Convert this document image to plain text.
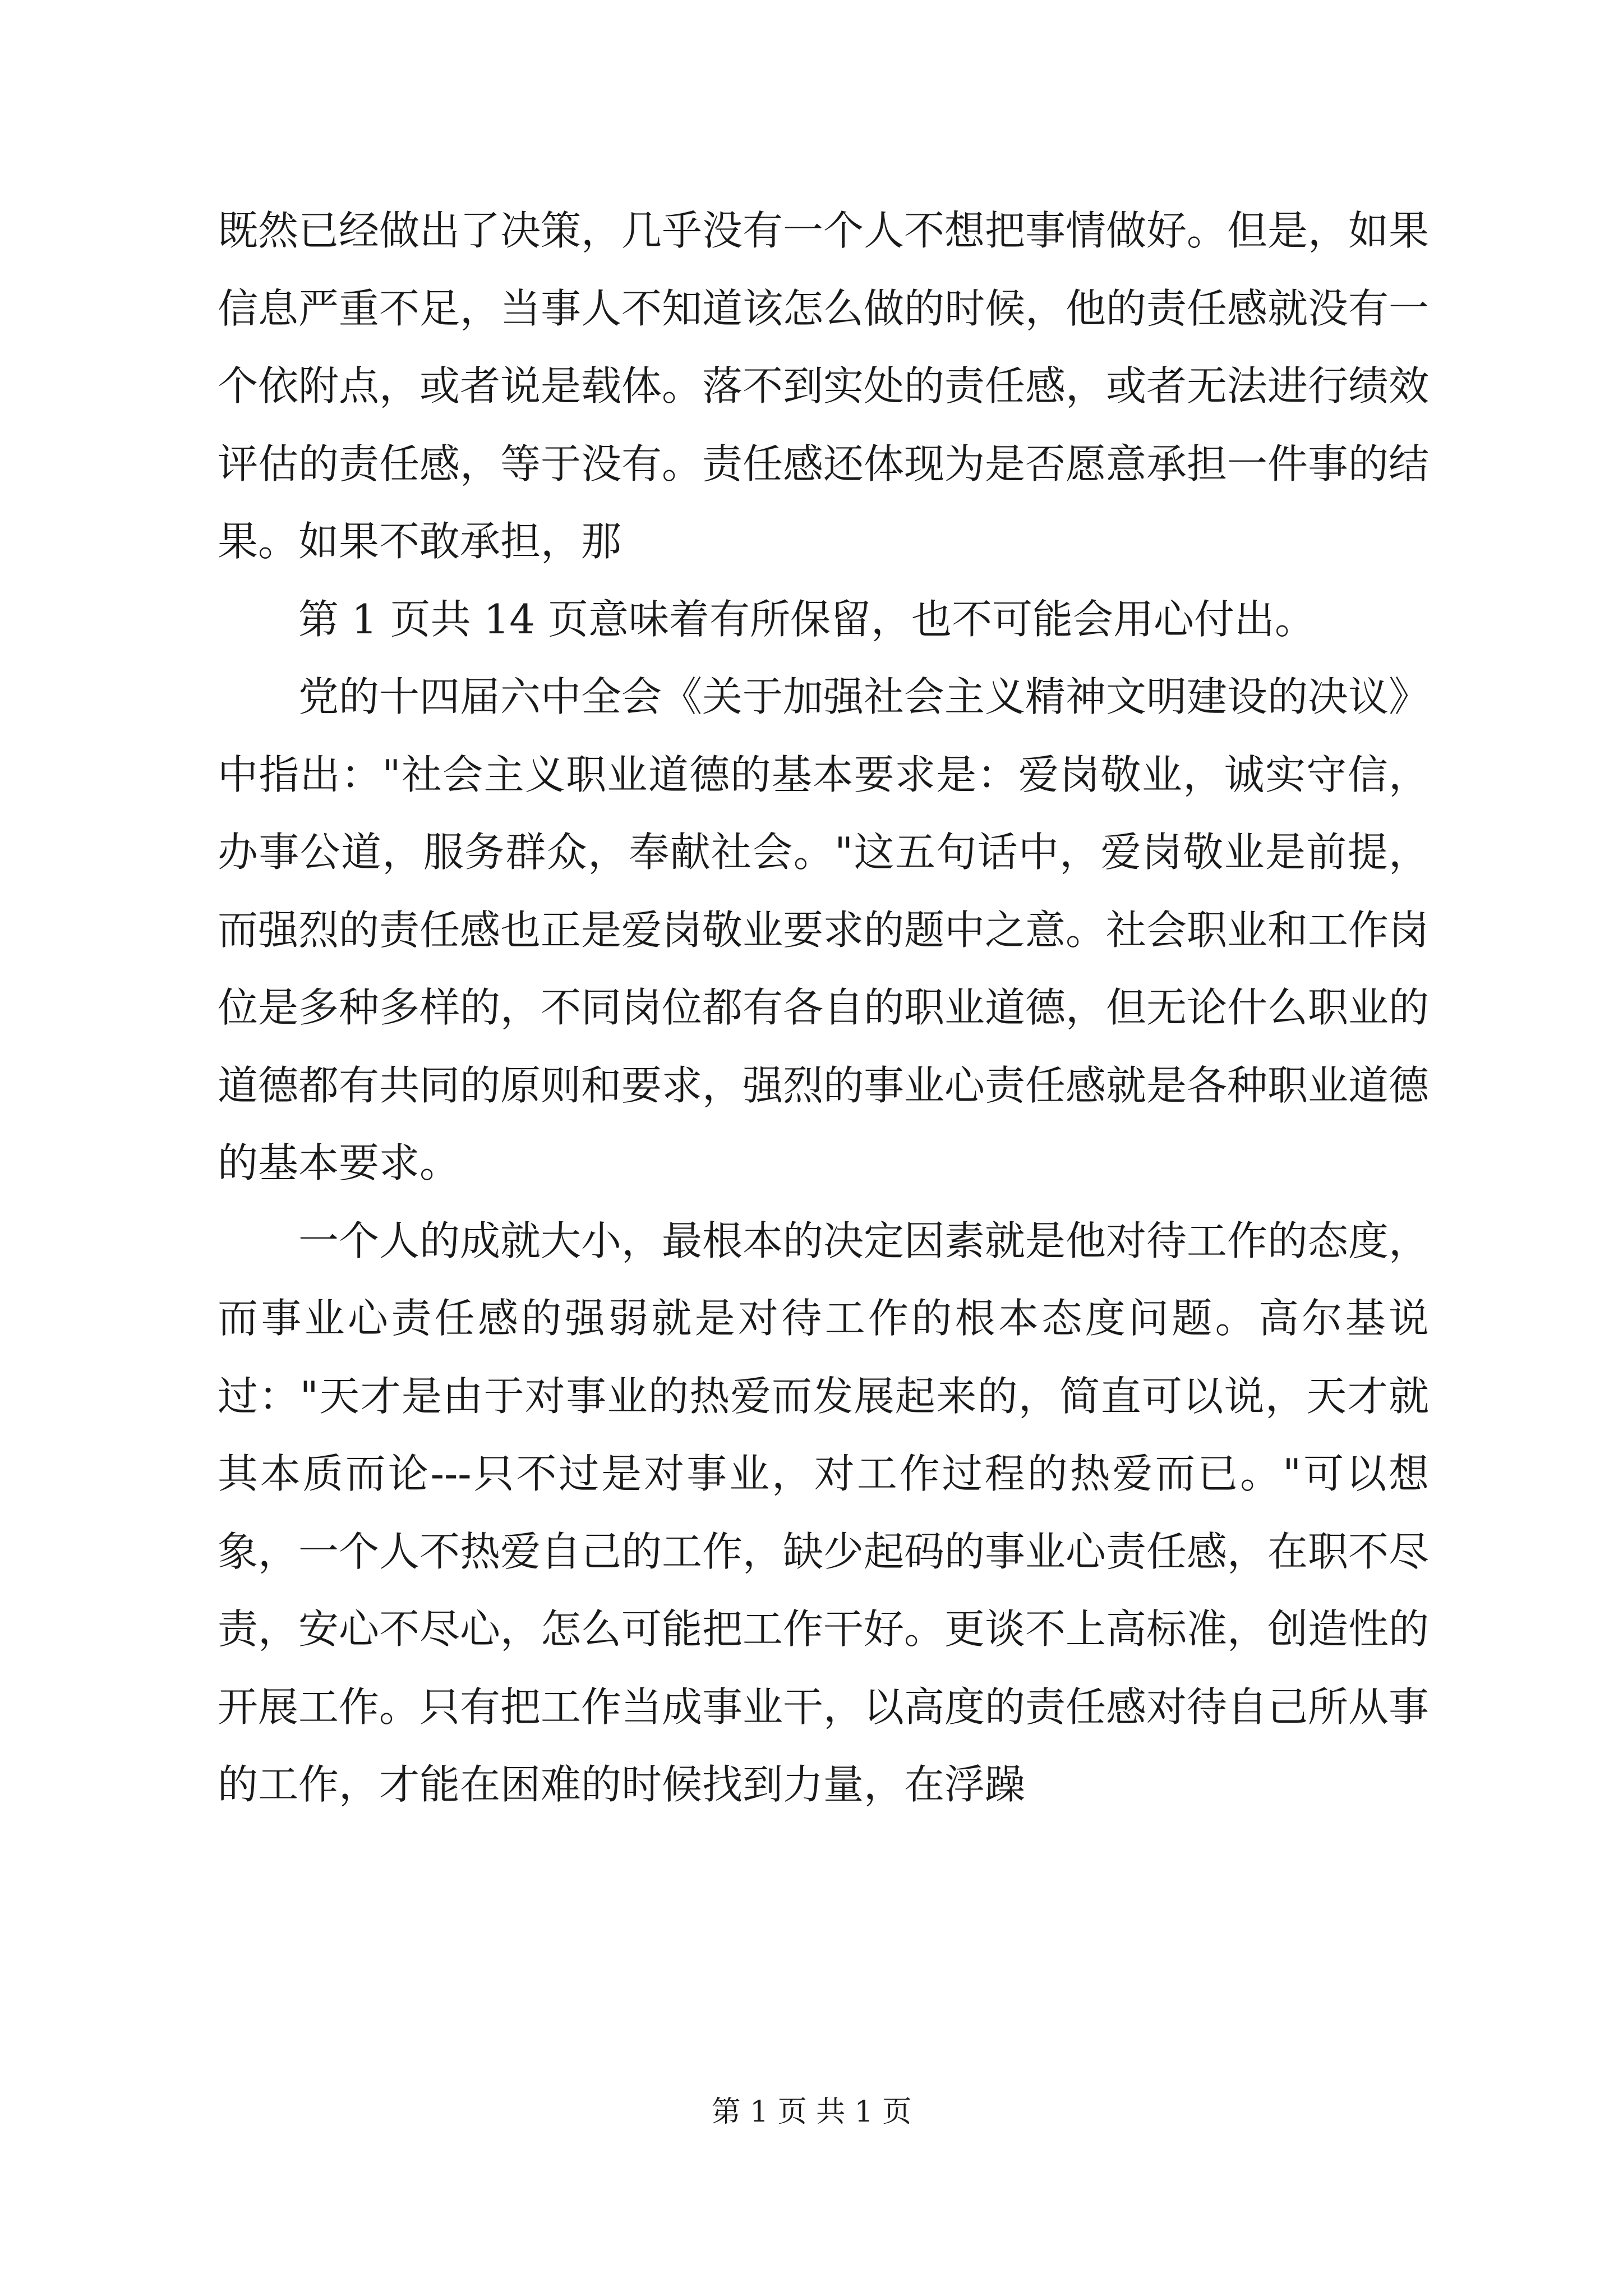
既然已经做出了决策，几乎没有一个人不想把事情做好。但是，如果信息严重不足，当事人不知道该怎么做的时候，他的责任感就没有一个依附点，或者说是载体。落不到实处的责任感，或者无法进行绩效评估的责任感，等于没有。责任感还体现为是否愿意承担一件事的结果。如果不敢承担，那

第 1 页共 14 页意味着有所保留，也不可能会用心付出。

党的十四届六中全会《关于加强社会主义精神文明建设的决议》中指出："社会主义职业道德的基本要求是：爱岗敬业，诚实守信，办事公道，服务群众，奉献社会。"这五句话中，爱岗敬业是前提，而强烈的责任感也正是爱岗敬业要求的题中之意。社会职业和工作岗位是多种多样的，不同岗位都有各自的职业道德，但无论什么职业的道德都有共同的原则和要求，强烈的事业心责任感就是各种职业道德的基本要求。

一个人的成就大小，最根本的决定因素就是他对待工作的态度，而事业心责任感的强弱就是对待工作的根本态度问题。高尔基说过："天才是由于对事业的热爱而发展起来的，简直可以说，天才就其本质而论---只不过是对事业，对工作过程的热爱而已。"可以想象，一个人不热爱自己的工作，缺少起码的事业心责任感，在职不尽责，安心不尽心，怎么可能把工作干好。更谈不上高标准，创造性的开展工作。只有把工作当成事业干，以高度的责任感对待自己所从事的工作，才能在困难的时候找到力量，在浮躁

第 1 页 共 1 页
